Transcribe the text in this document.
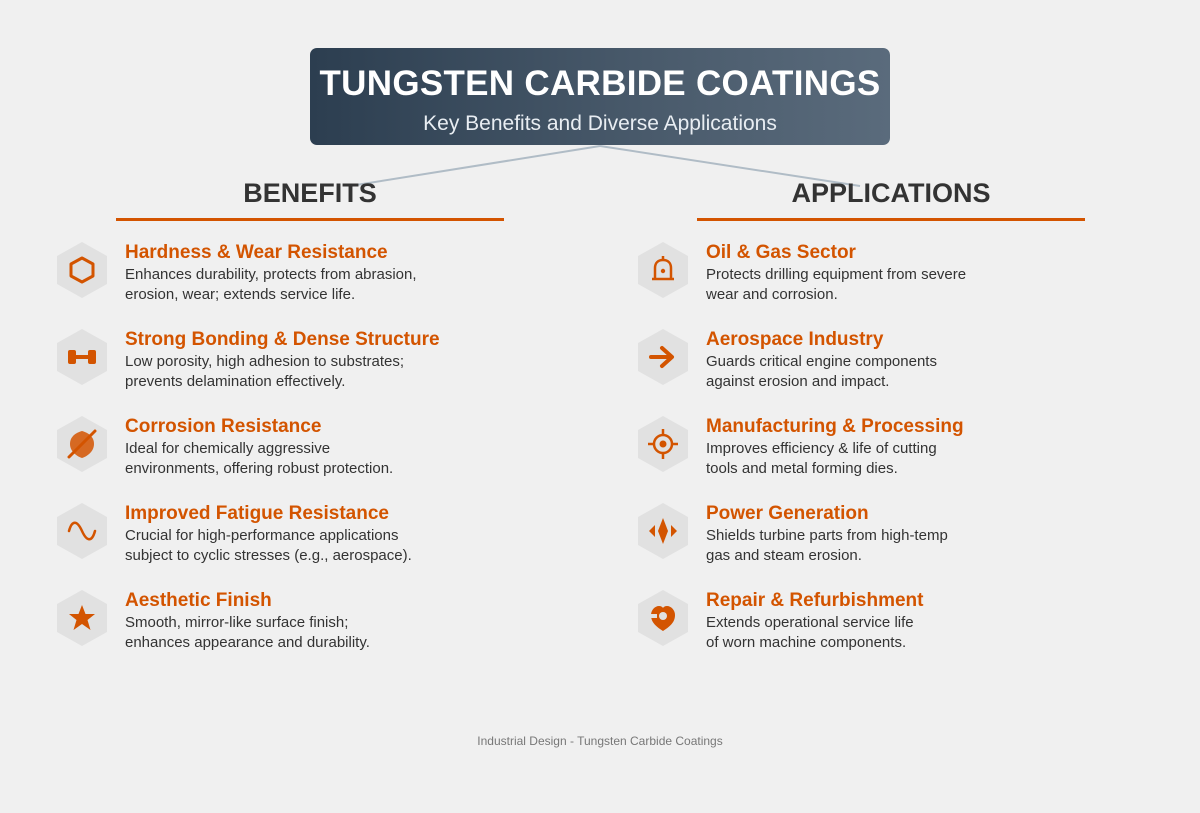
TUNGSTEN CARBIDE COATINGS
Key Benefits and Diverse Applications
BENEFITS	APPLICATIONS
Hardness & Wear Resistance
Enhances durability, protects from abrasion,
erosion, wear; extends service life.
Strong Bonding & Dense Structure
Low porosity, high adhesion to substrates;
prevents delamination effectively.
Corrosion Resistance
Ideal for chemically aggressive
environments, offering robust protection.
Improved Fatigue Resistance
Crucial for high-performance applications
subject to cyclic stresses (e.g., aerospace).
Aesthetic Finish
Smooth, mirror-like surface finish;
enhances appearance and durability.
Oil & Gas Sector
Protects drilling equipment from severe
wear and corrosion.
Aerospace Industry
Guards critical engine components
against erosion and impact.
Manufacturing & Processing
Improves efficiency & life of cutting
tools and metal forming dies.
Power Generation
Shields turbine parts from high-temp
gas and steam erosion.
Repair & Refurbishment
Extends operational service life
of worn machine components.
Industrial Design - Tungsten Carbide Coatings
